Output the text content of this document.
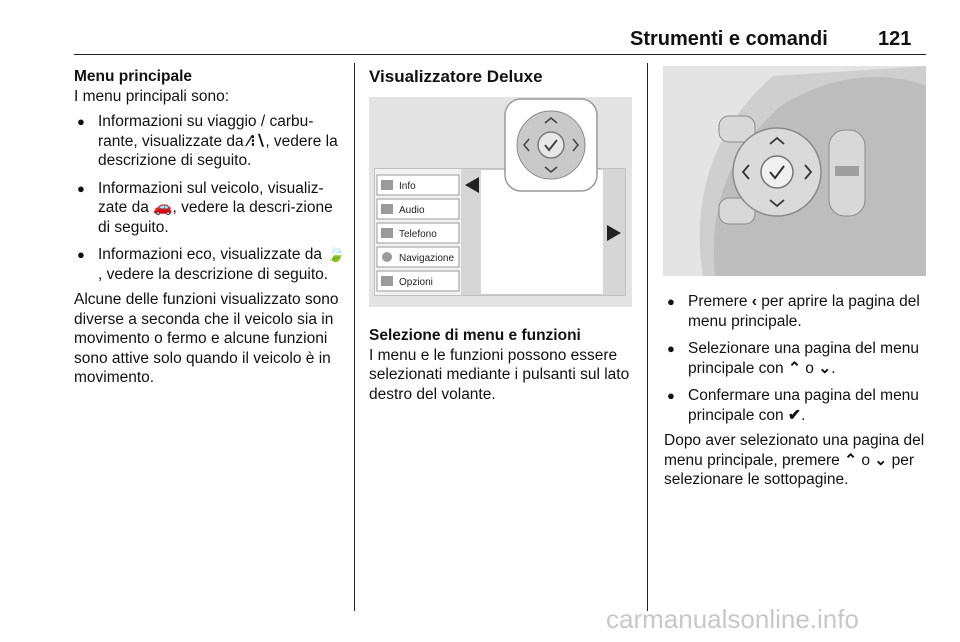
Strumenti e comandi	121
Menu principale

I menu principali sono:

● Informazioni su viaggio / carbu-rante, visualizzate da ⁄⁝∖, vedere la descrizione di seguito.
● Informazioni sul veicolo, visualiz-zate da 🚗, vedere la descri-zione di seguito.
● Informazioni eco, visualizzate da 🍃, vedere la descrizione di seguito.

Alcune delle funzioni visualizzato sono diverse a seconda che il veicolo sia in movimento o fermo e alcune funzioni sono attive solo quando il veicolo è in movimento.

Visualizzatore Deluxe
Info
Audio
Telefono
Navigazione
Opzioni
Selezione di menu e funzioni

I menu e le funzioni possono essere selezionati mediante i pulsanti sul lato destro del volante.

● Premere ‹ per aprire la pagina del menu principale.
● Selezionare una pagina del menu principale con ⌃ o ⌄.
● Confermare una pagina del menu principale con ✔.

Dopo aver selezionato una pagina del menu principale, premere ⌃ o ⌄ per selezionare le sottopagine.

carmanualsonline.info
